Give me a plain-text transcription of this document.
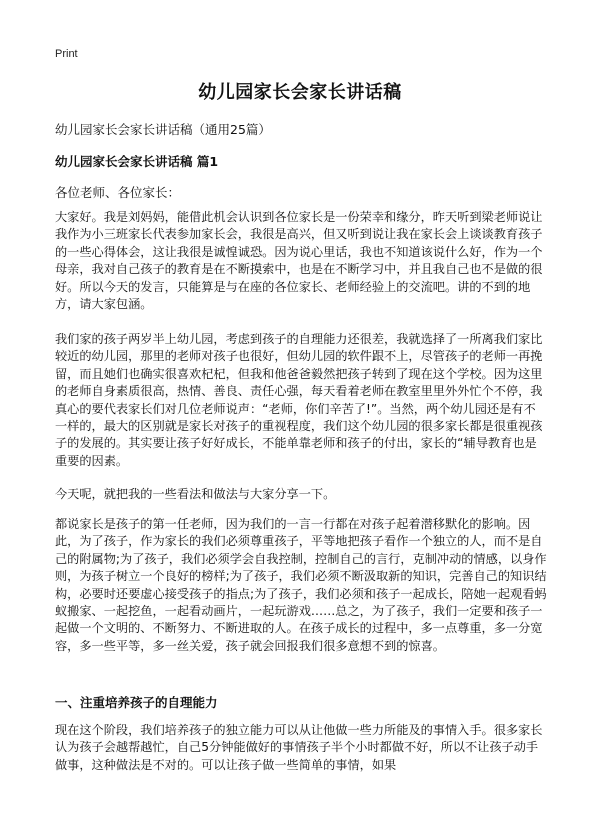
Print
幼儿园家长会家长讲话稿
幼儿园家长会家长讲话稿（通用25篇）
幼儿园家长会家长讲话稿 篇1
各位老师、各位家长：

大家好。我是刘妈妈，能借此机会认识到各位家长是一份荣幸和缘分，昨天听到梁老师说让我作为小三班家长代表参加家长会，我很是高兴，但又听到说让我在家长会上谈谈教育孩子的一些心得体会，这让我很是诚惶诚恐。因为说心里话，我也不知道该说什么好，作为一个母亲，我对自己孩子的教育是在不断摸索中，也是在不断学习中，并且我自己也不是做的很好。所以今天的发言，只能算是与在座的各位家长、老师经验上的交流吧。讲的不到的地方，请大家包涵。

我们家的孩子两岁半上幼儿园，考虑到孩子的自理能力还很差，我就选择了一所离我们家比较近的幼儿园，那里的老师对孩子也很好，但幼儿园的软件跟不上，尽管孩子的老师一再挽留，而且她们也确实很喜欢杞杞，但我和他爸爸毅然把孩子转到了现在这个学校。因为这里的老师自身素质很高，热情、善良、责任心强，每天看着老师在教室里里外外忙个不停，我真心的要代表家长们对几位老师说声：“老师，你们辛苦了!”。当然，两个幼儿园还是有不一样的，最大的区别就是家长对孩子的重视程度，我们这个幼儿园的很多家长都是很重视孩子的发展的。其实要让孩子好好成长，不能单靠老师和孩子的付出，家长的“辅导教育也是重要的因素。

今天呢，就把我的一些看法和做法与大家分享一下。

都说家长是孩子的第一任老师，因为我们的一言一行都在对孩子起着潜移默化的影响。因此，为了孩子，作为家长的我们必须尊重孩子，平等地把孩子看作一个独立的人，而不是自己的附属物;为了孩子，我们必须学会自我控制，控制自己的言行，克制冲动的情感，以身作则，为孩子树立一个良好的榜样;为了孩子，我们必须不断汲取新的知识，完善自己的知识结构，必要时还要虚心接受孩子的指点;为了孩子，我们必须和孩子一起成长，陪她一起观看蚂蚁搬家、一起挖鱼，一起看动画片，一起玩游戏……总之，为了孩子，我们一定要和孩子一起做一个文明的、不断努力、不断进取的人。在孩子成长的过程中，多一点尊重，多一分宽容，多一些平等，多一丝关爱，孩子就会回报我们很多意想不到的惊喜。

一、注重培养孩子的自理能力

现在这个阶段，我们培养孩子的独立能力可以从让他做一些力所能及的事情入手。很多家长认为孩子会越帮越忙，自己5分钟能做好的事情孩子半个小时都做不好，所以不让孩子动手做事，这种做法是不对的。可以让孩子做一些简单的事情，如果
